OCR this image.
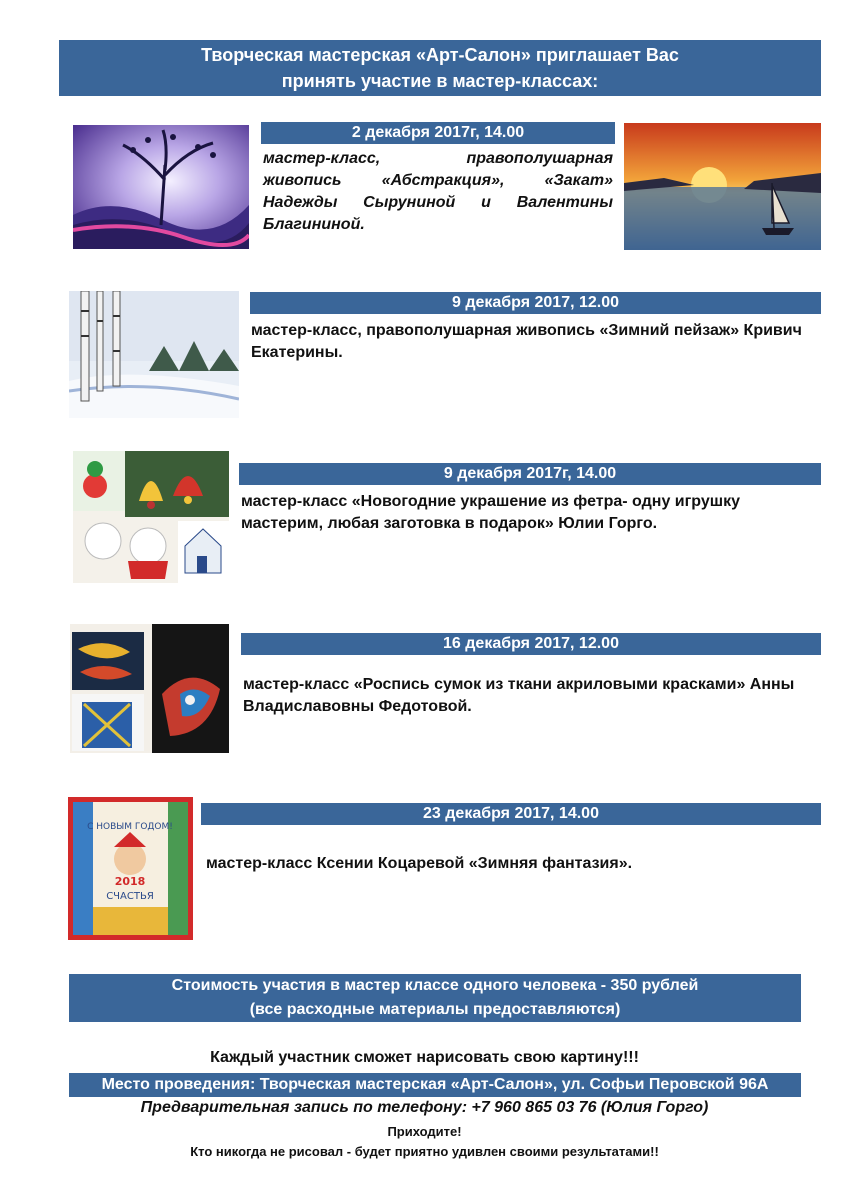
Творческая мастерская «Арт-Салон» приглашает Вас
принять участие в мастер-классах:
2 декабря 2017г, 14.00
мастер-класс, правополушарная живопись «Абстракция», «Закат» Надежды Сыруниной и Валентины Благининой.
9 декабря 2017, 12.00
мастер-класс, правополушарная живопись «Зимний пейзаж» Кривич Екатерины.
9 декабря 2017г, 14.00
мастер-класс «Новогодние украшение из фетра- одну игрушку мастерим, любая заготовка в подарок» Юлии Горго.
16 декабря 2017, 12.00
мастер-класс «Роспись сумок из ткани акриловыми красками» Анны Владиславовны Федотовой.
С НОВЫМ ГОДОМ!
2018
СЧАСТЬЯ
23 декабря 2017, 14.00
мастер-класс Ксении Коцаревой «Зимняя фантазия».
Стоимость участия в мастер классе одного человека - 350 рублей
(все расходные материалы предоставляются)
Каждый участник сможет нарисовать свою картину!!!
Место проведения: Творческая мастерская «Арт-Салон», ул. Софьи Перовской 96А
Предварительная запись по телефону: +7 960 865 03 76 (Юлия Горго)
Приходите!
Кто никогда не рисовал - будет приятно удивлен своими результатами!!
